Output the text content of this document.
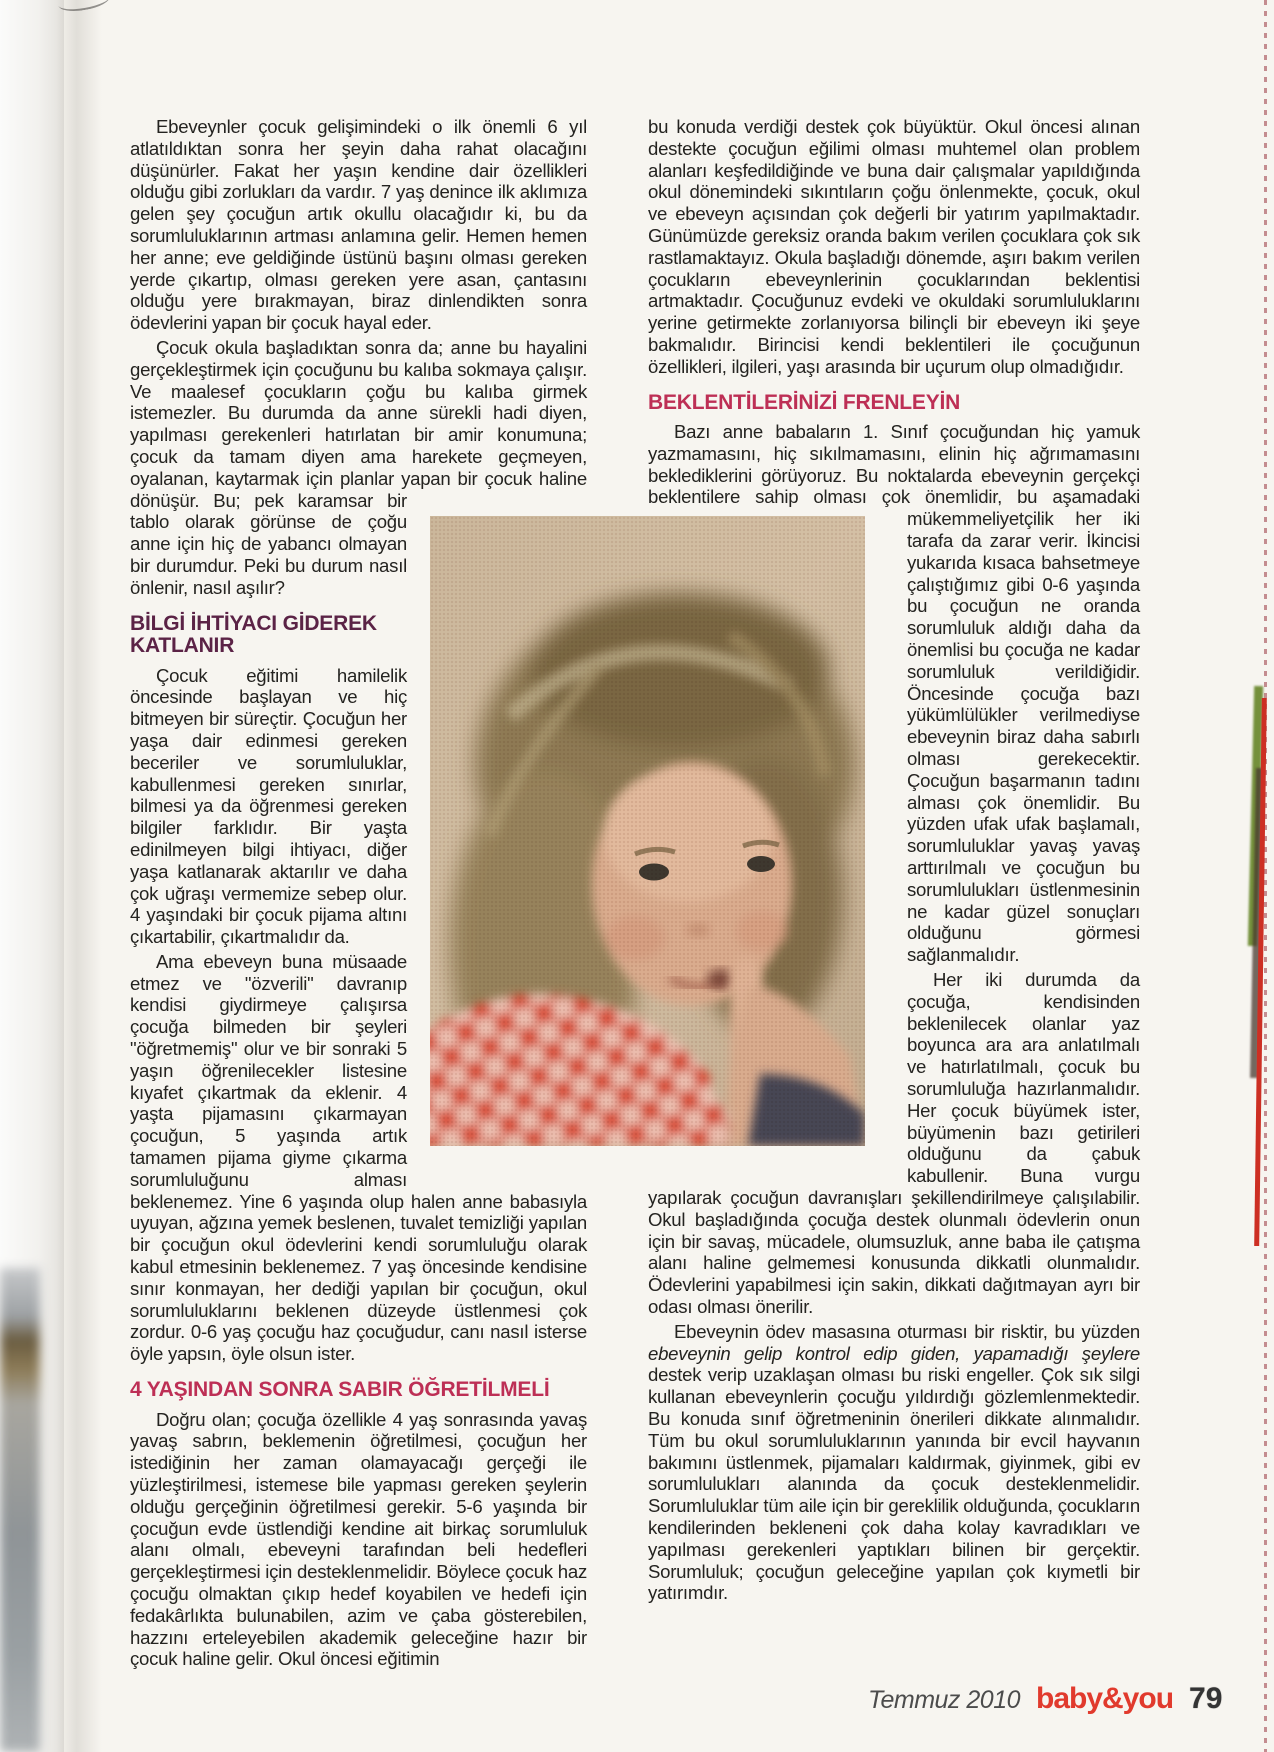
Ebeveynler çocuk gelişimindeki o ilk önemli 6 yıl atlatıldıktan sonra her şeyin daha rahat olacağını düşünürler. Fakat her yaşın kendine dair özellikleri olduğu gibi zorlukları da vardır. 7 yaş denince ilk aklımıza gelen şey çocuğun artık okullu olacağıdır ki, bu da sorumluluklarının artması anlamına gelir. Hemen hemen her anne; eve geldiğinde üstünü başını olması gereken yerde çıkartıp, olması gereken yere asan, çantasını olduğu yere bırakmayan, biraz dinlendikten sonra ödevlerini yapan bir çocuk hayal eder.

Çocuk okula başladıktan sonra da; anne bu hayalini gerçekleştirmek için çocuğunu bu kalıba sokmaya çalışır. Ve maalesef çocukların çoğu bu kalıba girmek istemezler. Bu durumda da anne sürekli hadi diyen, yapılması gerekenleri hatırlatan bir amir konumuna; çocuk da tamam diyen ama harekete geçmeyen, oyalanan, kaytarmak için planlar yapan bir çocuk haline dönüşür. Bu; pek karamsar bir tablo olarak görünse de çoğu anne için hiç de yabancı olmayan bir durumdur. Peki bu durum nasıl önlenir, nasıl aşılır?

BİLGİ İHTİYACI GİDEREK KATLANIR

Çocuk eğitimi hamilelik öncesinde başlayan ve hiç bitmeyen bir süreçtir. Çocuğun her yaşa dair edinmesi gereken beceriler ve sorumluluklar, kabullenmesi gereken sınırlar, bilmesi ya da öğrenmesi gereken bilgiler farklıdır. Bir yaşta edinilmeyen bilgi ihtiyacı, diğer yaşa katlanarak aktarılır ve daha çok uğraşı vermemize sebep olur. 4 yaşındaki bir çocuk pijama altını çıkartabilir, çıkartmalıdır da.

Ama ebeveyn buna müsaade etmez ve "özverili" davranıp kendisi giydirmeye çalışırsa çocuğa bilmeden bir şeyleri "öğretmemiş" olur ve bir sonraki 5 yaşın öğrenilecekler listesine kıyafet çıkartmak da eklenir. 4 yaşta pijamasını çıkarmayan çocuğun, 5 yaşında artık tamamen pijama giyme çıkarma sorumluluğunu alması beklenemez. Yine 6 yaşında olup halen anne babasıyla uyuyan, ağzına yemek beslenen, tuvalet temizliği yapılan bir çocuğun okul ödevlerini kendi sorumluluğu olarak kabul etmesinin beklenemez. 7 yaş öncesinde kendisine sınır konmayan, her dediği yapılan bir çocuğun, okul sorumluluklarını beklenen düzeyde üstlenmesi çok zordur. 0-6 yaş çocuğu haz çocuğudur, canı nasıl isterse öyle yapsın, öyle olsun ister.

4 YAŞINDAN SONRA SABIR ÖĞRETİLMELİ

Doğru olan; çocuğa özellikle 4 yaş sonrasında yavaş yavaş sabrın, beklemenin öğretilmesi, çocuğun her istediğinin her zaman olamayacağı gerçeği ile yüzleştirilmesi, istemese bile yapması gereken şeylerin olduğu gerçeğinin öğretilmesi gerekir. 5-6 yaşında bir çocuğun evde üstlendiği kendine ait birkaç sorumluluk alanı olmalı, ebeveyni tarafından beli hedefleri gerçekleştirmesi için desteklenmelidir. Böylece çocuk haz çocuğu olmaktan çıkıp hedef koyabilen ve hedefi için fedakârlıkta bulunabilen, azim ve çaba gösterebilen, hazzını erteleyebilen akademik geleceğine hazır bir çocuk haline gelir. Okul öncesi eğitimin

bu konuda verdiği destek çok büyüktür. Okul öncesi alınan destekte çocuğun eğilimi olması muhtemel olan problem alanları keşfedildiğinde ve buna dair çalışmalar yapıldığında okul dönemindeki sıkıntıların çoğu önlenmekte, çocuk, okul ve ebeveyn açısından çok değerli bir yatırım yapılmaktadır. Günümüzde gereksiz oranda bakım verilen çocuklara çok sık rastlamaktayız. Okula başladığı dönemde, aşırı bakım verilen çocukların ebeveynlerinin çocuklarından beklentisi artmaktadır. Çocuğunuz evdeki ve okuldaki sorumluluklarını yerine getirmekte zorlanıyorsa bilinçli bir ebeveyn iki şeye bakmalıdır. Birincisi kendi beklentileri ile çocuğunun özellikleri, ilgileri, yaşı arasında bir uçurum olup olmadığıdır.

BEKLENTİLERİNİZİ FRENLEYİN

Bazı anne babaların 1. Sınıf çocuğundan hiç yamuk yazmamasını, hiç sıkılmamasını, elinin hiç ağrımamasını beklediklerini görüyoruz. Bu noktalarda ebeveynin gerçekçi beklentilere sahip olması çok önemlidir, bu aşamadaki mükemmeliyetçilik her iki tarafa da zarar verir. İkincisi yukarıda kısaca bahsetmeye çalıştığımız gibi 0-6 yaşında bu çocuğun ne oranda sorumluluk aldığı daha da önemlisi bu çocuğa ne kadar sorumluluk verildiğidir. Öncesinde çocuğa bazı yükümlülükler verilmediyse ebeveynin biraz daha sabırlı olması gerekecektir. Çocuğun başarmanın tadını alması çok önemlidir. Bu yüzden ufak ufak başlamalı, sorumluluklar yavaş yavaş arttırılmalı ve çocuğun bu sorumlulukları üstlenmesinin ne kadar güzel sonuçları olduğunu görmesi sağlanmalıdır.

Her iki durumda da çocuğa, kendisinden beklenilecek olanlar yaz boyunca ara ara anlatılmalı ve hatırlatılmalı, çocuk bu sorumluluğa hazırlanmalıdır. Her çocuk büyümek ister, büyümenin bazı getirileri olduğunu da çabuk kabullenir. Buna vurgu yapılarak çocuğun davranışları şekillendirilmeye çalışılabilir. Okul başladığında çocuğa destek olunmalı ödevlerin onun için bir savaş, mücadele, olumsuzluk, anne baba ile çatışma alanı haline gelmemesi konusunda dikkatli olunmalıdır. Ödevlerini yapabilmesi için sakin, dikkati dağıtmayan ayrı bir odası olması önerilir.

Ebeveynin ödev masasına oturması bir risktir, bu yüzden ebeveynin gelip kontrol edip giden, yapamadığı şeylere destek verip uzaklaşan olması bu riski engeller. Çok sık silgi kullanan ebeveynlerin çocuğu yıldırdığı gözlemlenmektedir. Bu konuda sınıf öğretmeninin önerileri dikkate alınmalıdır. Tüm bu okul sorumluluklarının yanında bir evcil hayvanın bakımını üstlenmek, pijamaları kaldırmak, giyinmek, gibi ev sorumlulukları alanında da çocuk desteklenmelidir. Sorumluluklar tüm aile için bir gereklilik olduğunda, çocukların kendilerinden bekleneni çok daha kolay kavradıkları ve yapılması gerekenleri yaptıkları bilinen bir gerçektir. Sorumluluk; çocuğun geleceğine yapılan çok kıymetli bir yatırımdır.

Temmuz 2010 baby&you 79
